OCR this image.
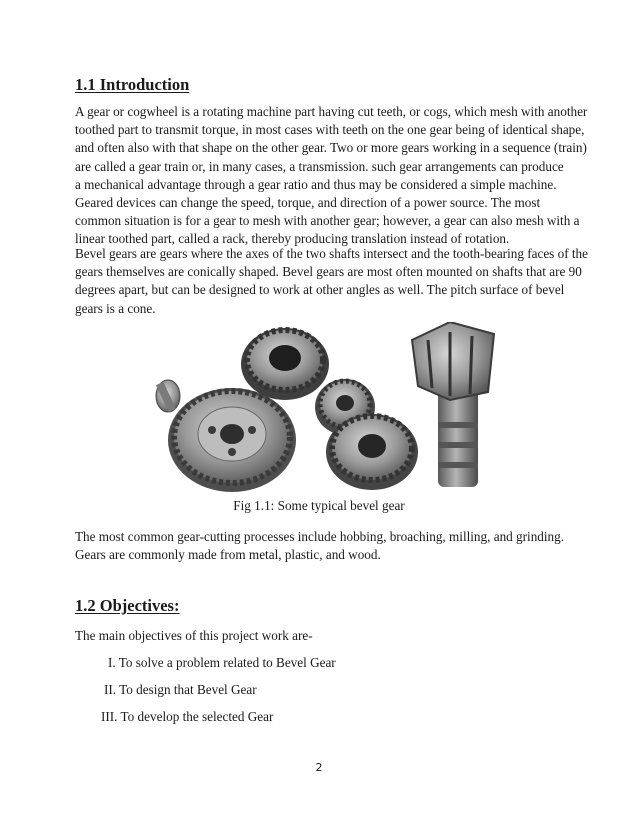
1.1 Introduction
A gear or cogwheel is a rotating machine part having cut teeth, or cogs, which mesh with another
toothed part to transmit torque, in most cases with teeth on the one gear being of identical shape,
and often also with that shape on the other gear. Two or more gears working in a sequence (train)
are called a gear train or, in many cases, a transmission. such gear arrangements can produce
a mechanical advantage through a gear ratio and thus may be considered a simple machine.
Geared devices can change the speed, torque, and direction of a power source. The most
common situation is for a gear to mesh with another gear; however, a gear can also mesh with a
linear toothed part, called a rack, thereby producing translation instead of rotation.
Bevel gears are gears where the axes of the two shafts intersect and the tooth-bearing faces of the
gears themselves are conically shaped. Bevel gears are most often mounted on shafts that are 90
degrees apart, but can be designed to work at other angles as well. The pitch surface of bevel
gears is a cone.

Fig 1.1: Some typical bevel gear

The most common gear-cutting processes include hobbing, broaching, milling, and grinding.
Gears are commonly made from metal, plastic, and wood.
1.2 Objectives:

The main objectives of this project work are-

I. To solve a problem related to Bevel Gear

II. To design that Bevel Gear

III. To develop the selected Gear

2
